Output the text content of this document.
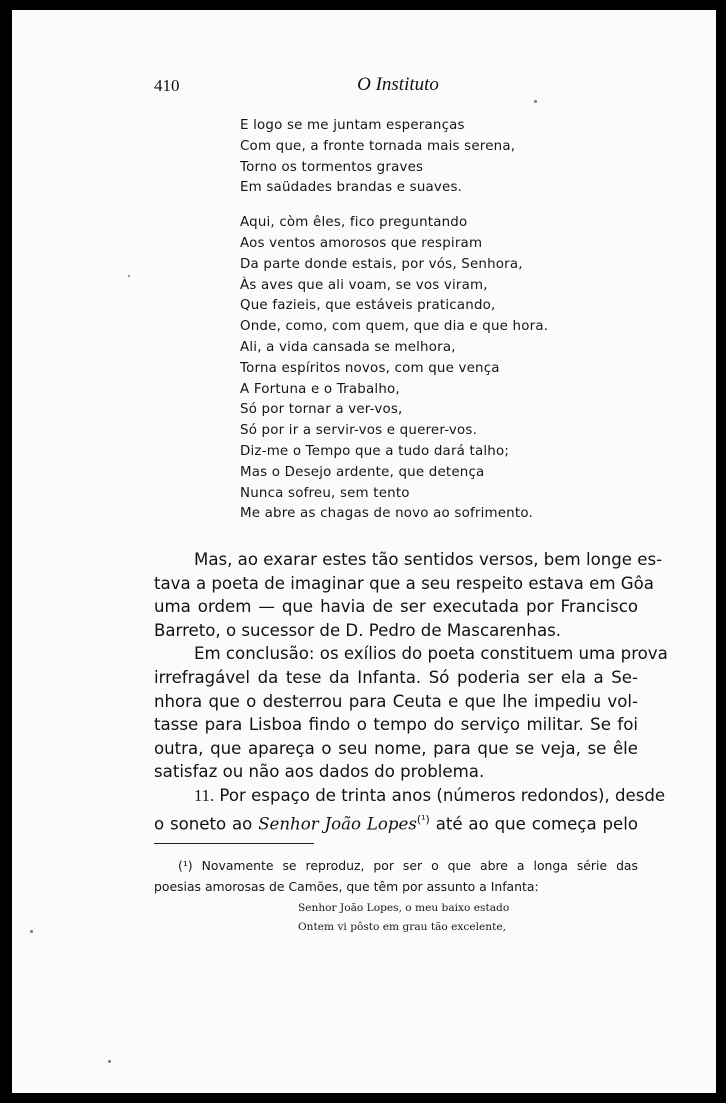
410	O Instituto
E logo se me juntam esperanças
Com que, a fronte tornada mais serena,
Torno os tormentos graves
Em saüdades brandas e suaves.
Aqui, còm êles, fico preguntando
Aos ventos amorosos que respiram
Da parte donde estais, por vós, Senhora,
Às aves que ali voam, se vos viram,
Que fazieis, que estáveis praticando,
Onde, como, com quem, que dia e que hora.
Ali, a vida cansada se melhora,
Torna espíritos novos, com que vença
A Fortuna e o Trabalho,
Só por tornar a ver-vos,
Só por ir a servir-vos e querer-vos.
Diz-me o Tempo que a tudo dará talho;
Mas o Desejo ardente, que detença
Nunca sofreu, sem tento
Me abre as chagas de novo ao sofrimento.
Mas, ao exarar estes tão sentidos versos, bem longe es-
tava a poeta de imaginar que a seu respeito estava em Gôa
uma ordem — que havia de ser executada por Francisco
Barreto, o sucessor de D. Pedro de Mascarenhas.
Em conclusão: os exílios do poeta constituem uma prova
irrefragável da tese da Infanta. Só poderia ser ela a Se-
nhora que o desterrou para Ceuta e que lhe impediu vol-
tasse para Lisboa findo o tempo do serviço militar. Se foi
outra, que apareça o seu nome, para que se veja, se êle
satisfaz ou não aos dados do problema.
11. Por espaço de trinta anos (números redondos), desde
o soneto ao Senhor João Lopes$^{(^1)}$ até ao que começa pelo
(¹) Novamente se reproduz, por ser o que abre a longa série das
poesias amorosas de Camões, que têm por assunto a Infanta:
Senhor João Lopes, o meu baixo estado
Ontem vi pôsto em grau tão excelente,
